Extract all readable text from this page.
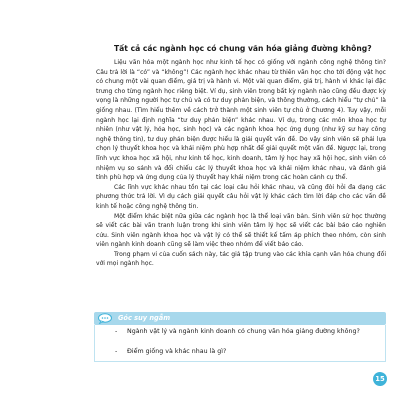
Tất cả các ngành học có chung văn hóa giảng đường không?

Liệu văn hóa một ngành học như kinh tế học có giống với ngành công nghệ thông tin? Câu trả lời là “có” và “không”! Các ngành học khác nhau từ thiên văn học cho tới động vật học có chung một vài quan điểm, giá trị và hành vi. Một vài quan điểm, giá trị, hành vi khác lại đặc trưng cho từng ngành học riêng biệt. Ví dụ, sinh viên trong bất kỳ ngành nào cũng đều được kỳ vọng là những người học tự chủ và có tư duy phản biện, và thông thường, cách hiểu “tự chủ” là giống nhau. (Tìm hiểu thêm về cách trở thành một sinh viên tự chủ ở Chương 4). Tuy vậy, mỗi ngành học lại định nghĩa “tư duy phản biện” khác nhau. Ví dụ, trong các môn khoa học tự nhiên (như vật lý, hóa học, sinh học) và các ngành khoa học ứng dụng (như kỹ sư hay công nghệ thông tin), tư duy phản biện được hiểu là giải quyết vấn đề. Do vậy sinh viên sẽ phải lựa chọn lý thuyết khoa học và khái niệm phù hợp nhất để giải quyết một vấn đề. Ngược lại, trong lĩnh vực khoa học xã hội, như kinh tế học, kinh doanh, tâm lý học hay xã hội học, sinh viên có nhiệm vụ so sánh và đối chiếu các lý thuyết khoa học và khái niệm khác nhau, và đánh giá tính phù hợp và ứng dụng của lý thuyết hay khái niệm trong các hoàn cảnh cụ thể.

Các lĩnh vực khác nhau tồn tại các loại câu hỏi khác nhau, và cũng đòi hỏi đa dạng các phương thức trả lời. Vì dụ cách giải quyết câu hỏi vật lý khác cách tìm lời đáp cho các vấn đề kinh tế hoặc công nghệ thông tin.

Một điểm khác biệt nữa giữa các ngành học là thể loại văn bản. Sinh viên sử học thường sẽ viết các bài văn tranh luận trong khi sinh viên tâm lý học sẽ viết các bài báo cáo nghiên cứu. Sinh viên ngành khoa học và vật lý có thể sẽ thiết kế tấm áp phích theo nhóm, còn sinh viên ngành kinh doanh cũng sẽ làm việc theo nhóm để viết báo cáo.

Trong phạm vi của cuốn sách này, tác giả tập trung vào các khía cạnh văn hóa chung đối với mọi ngành học.

Góc suy ngẫm
- Ngành vật lý và ngành kinh doanh có chung văn hóa giảng đường không?
- Điểm giống và khác nhau là gì?
15
